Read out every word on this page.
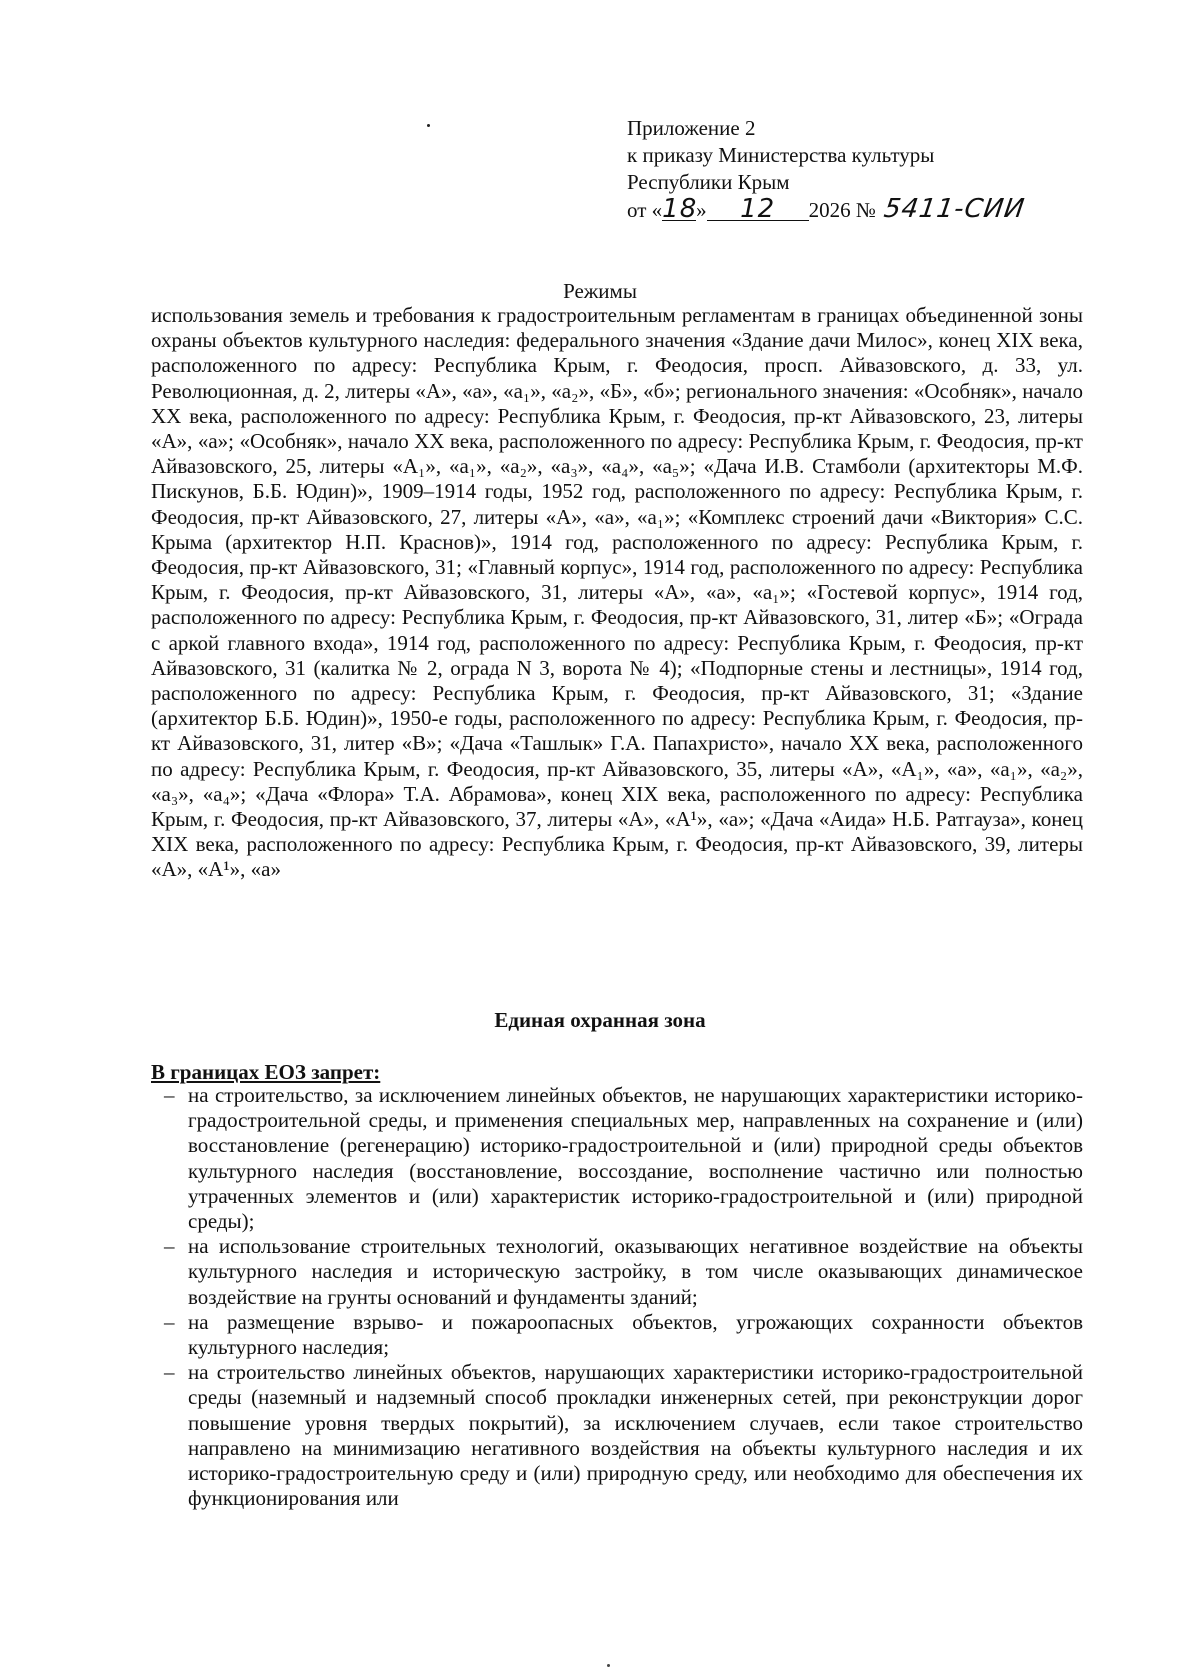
Приложение 2
к приказу Министерства культуры
Республики Крым
от «18» 12 2026 № 5411-СИИ
Режимы
использования земель и требования к градостроительным регламентам в границах объединенной зоны охраны объектов культурного наследия: федерального значения «Здание дачи Милос», конец XIX века, расположенного по адресу: Республика Крым, г. Феодосия, просп. Айвазовского, д. 33, ул. Революционная, д. 2, литеры «А», «а», «а₁», «а₂», «Б», «б»; регионального значения: «Особняк», начало XX века, расположенного по адресу: Республика Крым, г. Феодосия, пр-кт Айвазовского, 23, литеры «А», «а»; «Особняк», начало XX века, расположенного по адресу: Республика Крым, г. Феодосия, пр-кт Айвазовского, 25, литеры «А₁», «а₁», «а₂», «а₃», «а₄», «а₅»; «Дача И.В. Стамболи (архитекторы М.Ф. Пискунов, Б.Б. Юдин)», 1909–1914 годы, 1952 год, расположенного по адресу: Республика Крым, г. Феодосия, пр-кт Айвазовского, 27, литеры «А», «а», «а₁»; «Комплекс строений дачи «Виктория» С.С. Крыма (архитектор Н.П. Краснов)», 1914 год, расположенного по адресу: Республика Крым, г. Феодосия, пр-кт Айвазовского, 31; «Главный корпус», 1914 год, расположенного по адресу: Республика Крым, г. Феодосия, пр-кт Айвазовского, 31, литеры «А», «а», «а₁»; «Гостевой корпус», 1914 год, расположенного по адресу: Республика Крым, г. Феодосия, пр-кт Айвазовского, 31, литер «Б»; «Ограда с аркой главного входа», 1914 год, расположенного по адресу: Республика Крым, г. Феодосия, пр-кт Айвазовского, 31 (калитка № 2, ограда N 3, ворота № 4); «Подпорные стены и лестницы», 1914 год, расположенного по адресу: Республика Крым, г. Феодосия, пр-кт Айвазовского, 31; «Здание (архитектор Б.Б. Юдин)», 1950-е годы, расположенного по адресу: Республика Крым, г. Феодосия, пр-кт Айвазовского, 31, литер «В»; «Дача «Ташлык» Г.А. Папахристо», начало XX века, расположенного по адресу: Республика Крым, г. Феодосия, пр-кт Айвазовского, 35, литеры «А», «А₁», «а», «а₁», «а₂», «а₃», «а₄»; «Дача «Флора» Т.А. Абрамова», конец XIX века, расположенного по адресу: Республика Крым, г. Феодосия, пр-кт Айвазовского, 37, литеры «А», «А¹», «а»; «Дача «Аида» Н.Б. Ратгауза», конец XIX века, расположенного по адресу: Республика Крым, г. Феодосия, пр-кт Айвазовского, 39, литеры «А», «А¹», «а»
Единая охранная зона
В границах ЕОЗ запрет:
– на строительство, за исключением линейных объектов, не нарушающих характеристики историко-градостроительной среды, и применения специальных мер, направленных на сохранение и (или) восстановление (регенерацию) историко-градостроительной и (или) природной среды объектов культурного наследия (восстановление, воссоздание, восполнение частично или полностью утраченных элементов и (или) характеристик историко-градостроительной и (или) природной среды);
– на использование строительных технологий, оказывающих негативное воздействие на объекты культурного наследия и историческую застройку, в том числе оказывающих динамическое воздействие на грунты оснований и фундаменты зданий;
– на размещение взрыво- и пожароопасных объектов, угрожающих сохранности объектов культурного наследия;
– на строительство линейных объектов, нарушающих характеристики историко-градостроительной среды (наземный и надземный способ прокладки инженерных сетей, при реконструкции дорог повышение уровня твердых покрытий), за исключением случаев, если такое строительство направлено на минимизацию негативного воздействия на объекты культурного наследия и их историко-градостроительную среду и (или) природную среду, или необходимо для обеспечения их функционирования или
